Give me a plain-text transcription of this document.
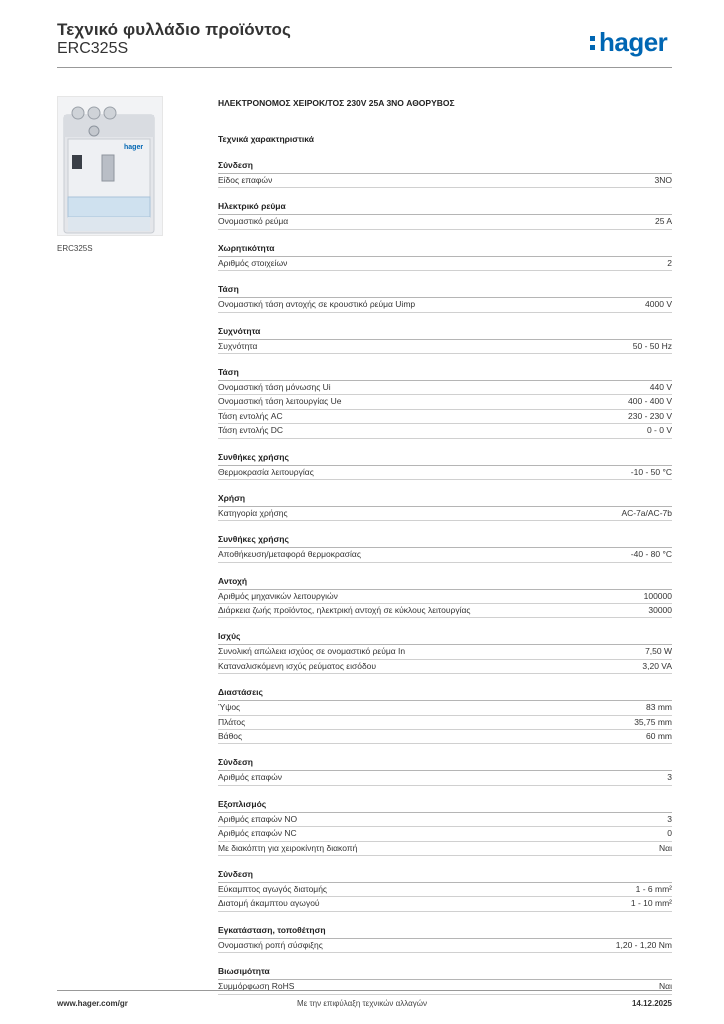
Τεχνικό φυλλάδιο προϊόντος
ERC325S	hager
hager
ERC325S
ΗΛΕΚΤΡΟΝΟΜΟΣ ΧΕΙΡΟΚ/ΤΟΣ 230V 25A 3NO ΑΘΟΡΥΒΟΣ
Τεχνικά χαρακτηριστικά
Σύνδεση
Είδος επαφών	3NO
Ηλεκτρικό ρεύμα
Ονομαστικό ρεύμα	25 A
Χωρητικότητα
Αριθμός στοιχείων	2
Τάση
Ονομαστική τάση αντοχής σε κρουστικό ρεύμα Uimp	4000 V
Συχνότητα
Συχνότητα	50 - 50 Hz
Τάση
Ονομαστική τάση μόνωσης Ui	440 V
Ονομαστική τάση λειτουργίας Ue	400 - 400 V
Τάση εντολής AC	230 - 230 V
Τάση εντολής DC	0 - 0 V
Συνθήκες χρήσης
Θερμοκρασία λειτουργίας	-10 - 50 °C
Χρήση
Κατηγορία χρήσης	AC-7a/AC-7b
Συνθήκες χρήσης
Αποθήκευση/μεταφορά θερμοκρασίας	-40 - 80 °C
Αντοχή
Αριθμός μηχανικών λειτουργιών	100000
Διάρκεια ζωής προϊόντος, ηλεκτρική αντοχή σε κύκλους λειτουργίας	30000
Ισχύς
Συνολική απώλεια ισχύος σε ονομαστικό ρεύμα In	7,50 W
Καταναλισκόμενη ισχύς ρεύματος εισόδου	3,20 VA
Διαστάσεις
Ύψος	83 mm
Πλάτος	35,75 mm
Βάθος	60 mm
Σύνδεση
Αριθμός επαφών	3
Εξοπλισμός
Αριθμός επαφών NO	3
Αριθμός επαφών NC	0
Με διακόπτη για χειροκίνητη διακοπή	Ναι
Σύνδεση
Εύκαμπτος αγωγός διατομής	1 - 6 mm²
Διατομή άκαμπτου αγωγού	1 - 10 mm²
Εγκατάσταση, τοποθέτηση
Ονομαστική ροπή σύσφιξης	1,20 - 1,20 Nm
Βιωσιμότητα
Συμμόρφωση RoHS	Ναι
www.hager.com/gr	Με την επιφύλαξη τεχνικών αλλαγών	14.12.2025
